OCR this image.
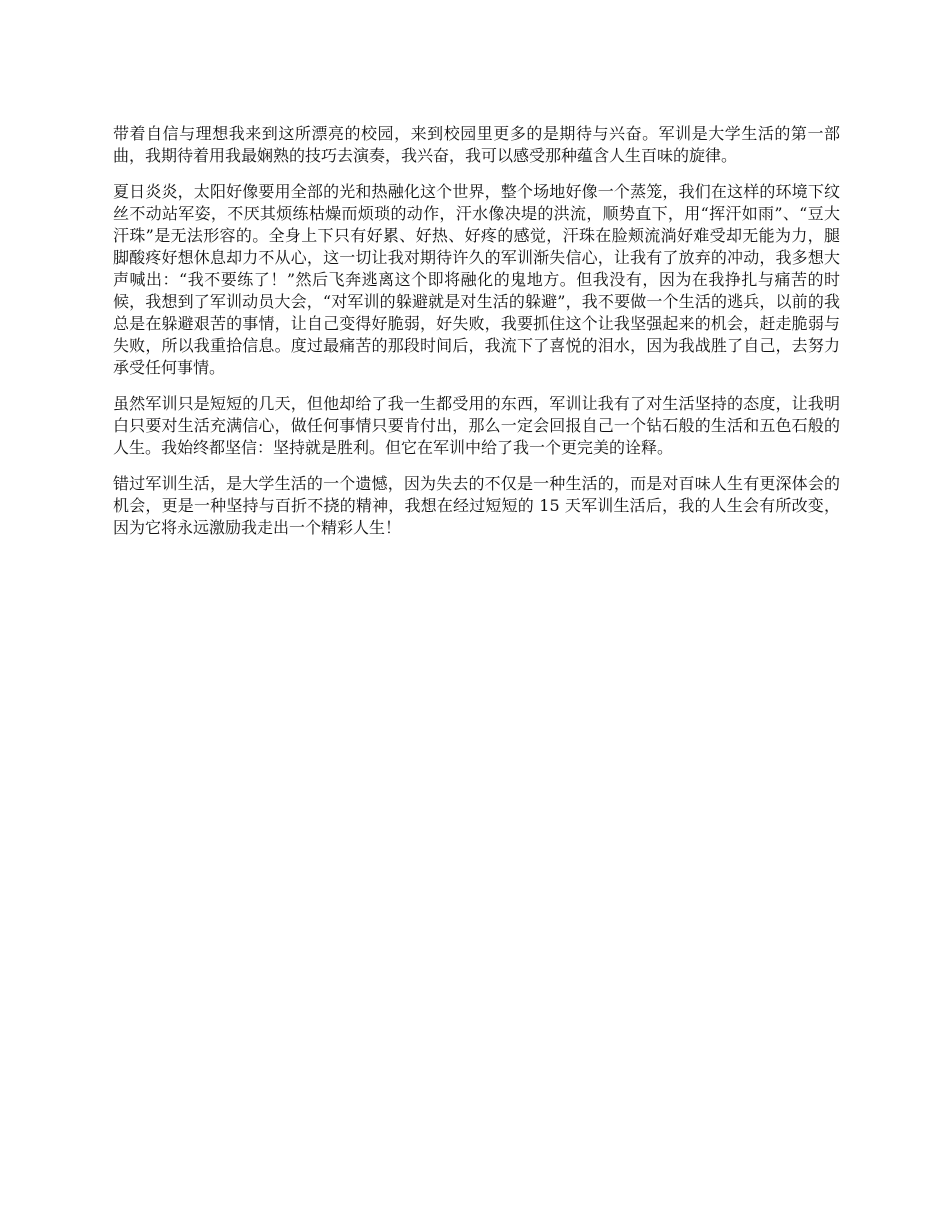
带着自信与理想我来到这所漂亮的校园，来到校园里更多的是期待与兴奋。军训是大学生活的第一部曲，我期待着用我最娴熟的技巧去演奏，我兴奋，我可以感受那种蕴含人生百味的旋律。

夏日炎炎，太阳好像要用全部的光和热融化这个世界，整个场地好像一个蒸笼，我们在这样的环境下纹丝不动站军姿，不厌其烦练枯燥而烦琐的动作，汗水像决堤的洪流，顺势直下，用“挥汗如雨”、“豆大汗珠”是无法形容的。全身上下只有好累、好热、好疼的感觉，汗珠在脸颊流淌好难受却无能为力，腿脚酸疼好想休息却力不从心，这一切让我对期待许久的军训渐失信心，让我有了放弃的冲动，我多想大声喊出：“我不要练了！”然后飞奔逃离这个即将融化的鬼地方。但我没有，因为在我挣扎与痛苦的时候，我想到了军训动员大会，“对军训的躲避就是对生活的躲避”，我不要做一个生活的逃兵，以前的我总是在躲避艰苦的事情，让自己变得好脆弱，好失败，我要抓住这个让我坚强起来的机会，赶走脆弱与失败，所以我重拾信息。度过最痛苦的那段时间后，我流下了喜悦的泪水，因为我战胜了自己，去努力承受任何事情。

虽然军训只是短短的几天，但他却给了我一生都受用的东西，军训让我有了对生活坚持的态度，让我明白只要对生活充满信心，做任何事情只要肯付出，那么一定会回报自己一个钻石般的生活和五色石般的人生。我始终都坚信：坚持就是胜利。但它在军训中给了我一个更完美的诠释。

错过军训生活，是大学生活的一个遗憾，因为失去的不仅是一种生活的，而是对百味人生有更深体会的机会，更是一种坚持与百折不挠的精神，我想在经过短短的 15 天军训生活后，我的人生会有所改变，因为它将永远激励我走出一个精彩人生！
